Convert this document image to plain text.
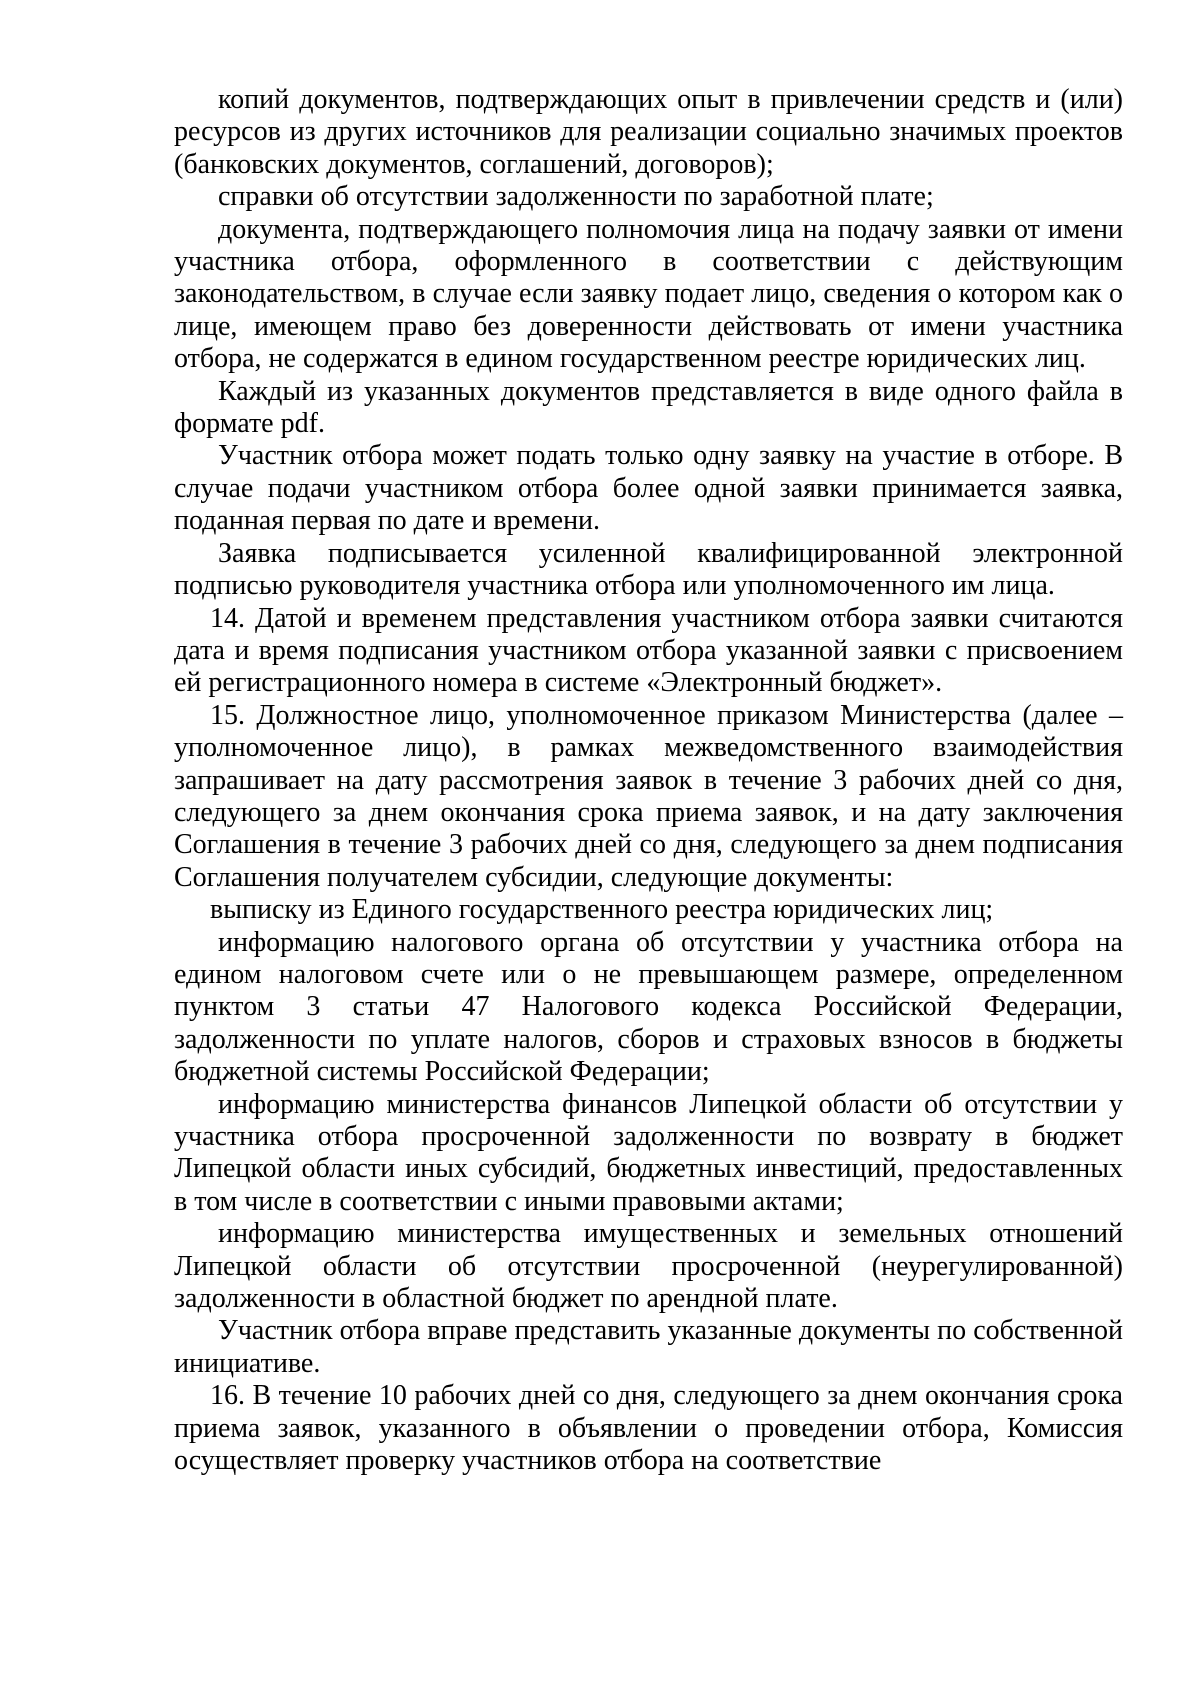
копий документов, подтверждающих опыт в привлечении средств и (или) ресурсов из других источников для реализации социально значимых проектов (банковских документов, соглашений, договоров);

справки об отсутствии задолженности по заработной плате;

документа, подтверждающего полномочия лица на подачу заявки от имени участника отбора, оформленного в соответствии с действующим законодательством, в случае если заявку подает лицо, сведения о котором как о лице, имеющем право без доверенности действовать от имени участника отбора, не содержатся в едином государственном реестре юридических лиц.

Каждый из указанных документов представляется в виде одного файла в формате pdf.

Участник отбора может подать только одну заявку на участие в отборе. В случае подачи участником отбора более одной заявки принимается заявка, поданная первая по дате и времени.

Заявка подписывается усиленной квалифицированной электронной подписью руководителя участника отбора или уполномоченного им лица.

14. Датой и временем представления участником отбора заявки считаются дата и время подписания участником отбора указанной заявки с присвоением ей регистрационного номера в системе «Электронный бюджет».

15. Должностное лицо, уполномоченное приказом Министерства (далее – уполномоченное лицо), в рамках межведомственного взаимодействия запрашивает на дату рассмотрения заявок в течение 3 рабочих дней со дня, следующего за днем окончания срока приема заявок, и на дату заключения Соглашения в течение 3 рабочих дней со дня, следующего за днем подписания Соглашения получателем субсидии, следующие документы:

выписку из Единого государственного реестра юридических лиц;

информацию налогового органа об отсутствии у участника отбора на едином налоговом счете или о не превышающем размере, определенном пунктом 3 статьи 47 Налогового кодекса Российской Федерации, задолженности по уплате налогов, сборов и страховых взносов в бюджеты бюджетной системы Российской Федерации;

информацию министерства финансов Липецкой области об отсутствии у участника отбора просроченной задолженности по возврату в бюджет Липецкой области иных субсидий, бюджетных инвестиций, предоставленных в том числе в соответствии с иными правовыми актами;

информацию министерства имущественных и земельных отношений Липецкой области об отсутствии просроченной (неурегулированной) задолженности в областной бюджет по арендной плате.

Участник отбора вправе представить указанные документы по собственной инициативе.

16. В течение 10 рабочих дней со дня, следующего за днем окончания срока приема заявок, указанного в объявлении о проведении отбора, Комиссия осуществляет проверку участников отбора на соответствие
